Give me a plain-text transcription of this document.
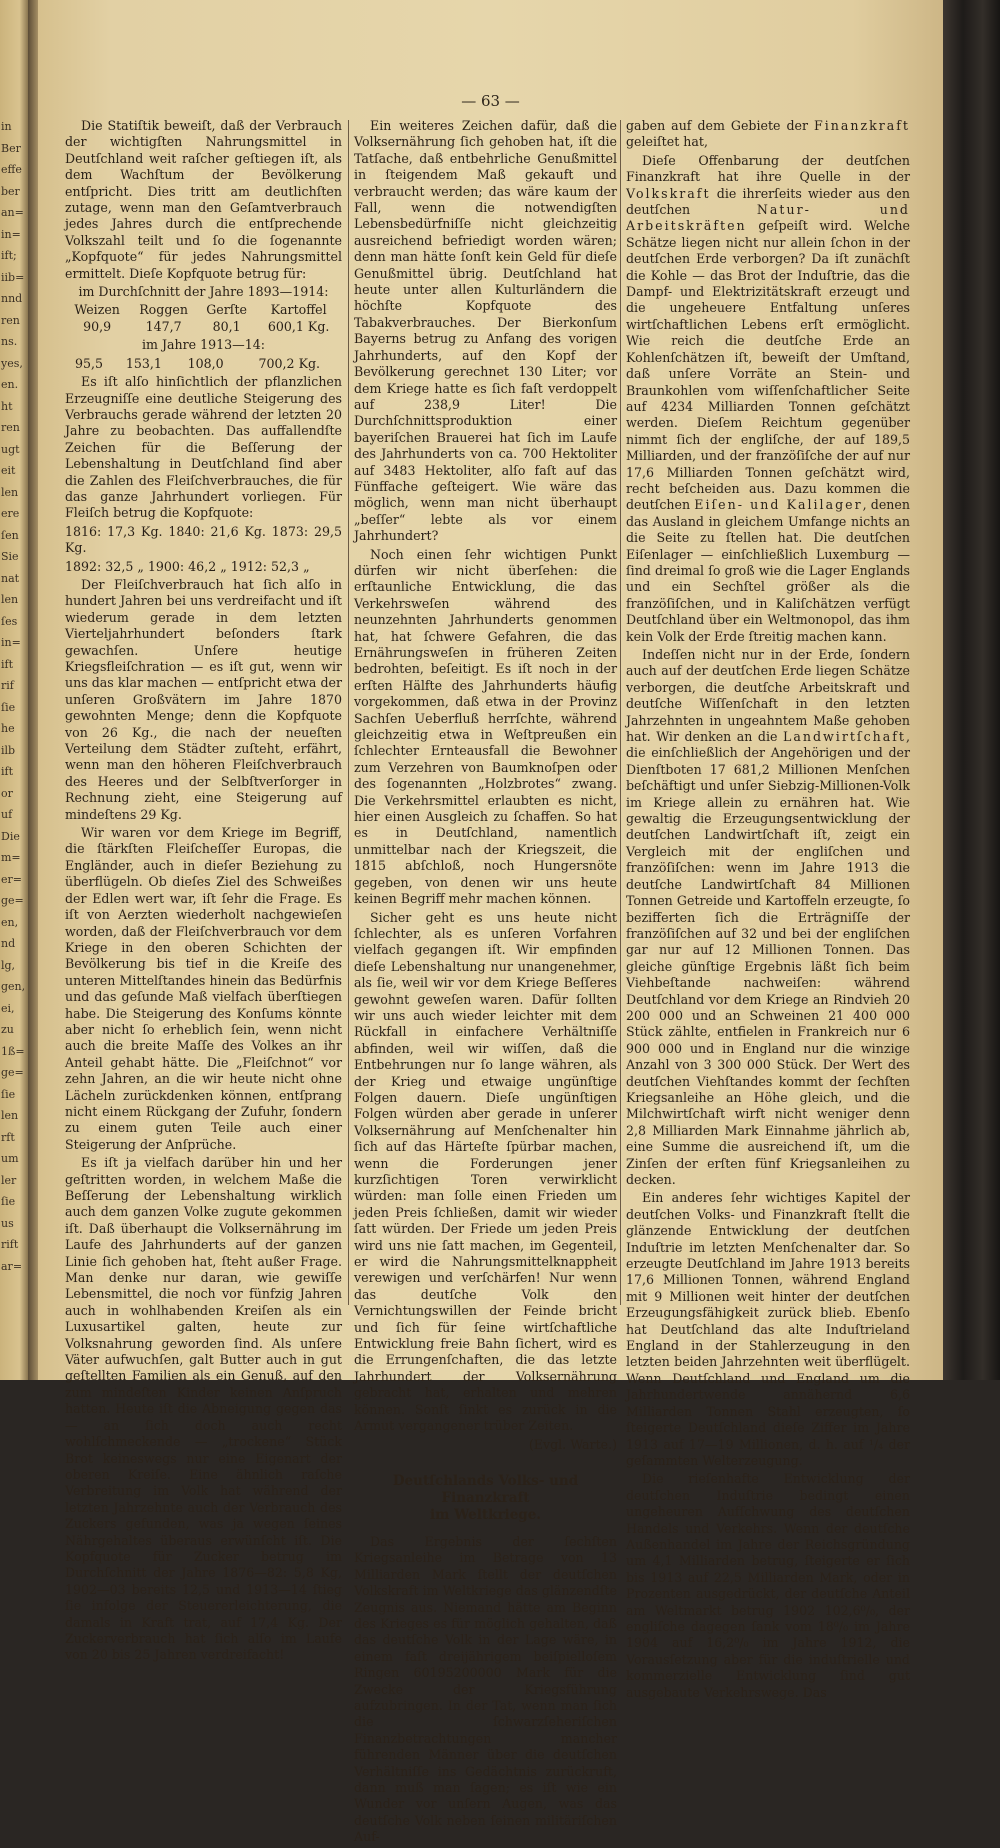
in
Ber
effe
ber
an=
in=
ift;
iib=
nnd
ren
ns.
yes,
en.
ht
ren
ugt
eit
len
ere
ſen
Sie
nat
len
ſes
in=
ift
rif
ſie
he
ilb
ift
or
uf
Die
m=
er=
ge=
en,
nd
lg,
gen,
ei,
zu
1ß=
ge=
ſie
len
rft
um
ler
ſie
us
rift
ar=
— 63 —

Die Statiſtik beweiſt, daß der Verbrauch der wichtigſten Nahrungsmittel in Deutſchland weit raſcher geſtiegen iſt, als dem Wachſtum der Bevölkerung entſpricht. Dies tritt am deutlichſten zutage, wenn man den Geſamtverbrauch jedes Jahres durch die entſprechende Volkszahl teilt und ſo die ſogenannte „Kopfquote“ für jedes Nahrungsmittel ermittelt. Dieſe Kopfquote betrug für:

im Durchſchnitt der Jahre 1893—1914:

Weizen	Roggen	Gerſte	Kartoffel
90,9	147,7	80,1	600,1 Kg.

im Jahre 1913—14:

95,5	153,1	108,0	700,2 Kg.

Es iſt alſo hinſichtlich der pflanzlichen Erzeugniſſe eine deutliche Steigerung des Verbrauchs gerade während der letzten 20 Jahre zu beobachten. Das auffallendſte Zeichen für die Beſſerung der Lebenshaltung in Deutſchland ſind aber die Zahlen des Fleiſchverbrauches, die für das ganze Jahrhundert vorliegen. Für Fleiſch betrug die Kopfquote:

1816: 17,3 Kg. 1840: 21,6 Kg. 1873: 29,5 Kg.

1892: 32,5 „ 1900: 46,2 „ 1912: 52,3 „

Der Fleiſchverbrauch hat ſich alſo in hundert Jahren bei uns verdreifacht und iſt wiederum gerade in dem letzten Vierteljahrhundert beſonders ſtark gewachſen. Unſere heutige Kriegsfleiſchration — es iſt gut, wenn wir uns das klar machen — entſpricht etwa der unſeren Großvätern im Jahre 1870 gewohnten Menge; denn die Kopfquote von 26 Kg., die nach der neueſten Verteilung dem Städter zuſteht, erfährt, wenn man den höheren Fleiſchverbrauch des Heeres und der Selbſtverſorger in Rechnung zieht, eine Steigerung auf mindeſtens 29 Kg.

Wir waren vor dem Kriege im Begriff, die ſtärkſten Fleiſcheſſer Europas, die Engländer, auch in dieſer Beziehung zu überflügeln. Ob dieſes Ziel des Schweißes der Edlen wert war, iſt ſehr die Frage. Es iſt von Aerzten wiederholt nachgewieſen worden, daß der Fleiſchverbrauch vor dem Kriege in den oberen Schichten der Bevölkerung bis tief in die Kreiſe des unteren Mittelſtandes hinein das Bedürfnis und das geſunde Maß vielfach überſtiegen habe. Die Steigerung des Konſums könnte aber nicht ſo erheblich ſein, wenn nicht auch die breite Maſſe des Volkes an ihr Anteil gehabt hätte. Die „Fleiſchnot“ vor zehn Jahren, an die wir heute nicht ohne Lächeln zurückdenken können, entſprang nicht einem Rückgang der Zufuhr, ſondern zu einem guten Teile auch einer Steigerung der Anſprüche.

Es iſt ja vielfach darüber hin und her geſtritten worden, in welchem Maße die Beſſerung der Lebenshaltung wirklich auch dem ganzen Volke zugute gekommen iſt. Daß überhaupt die Volksernährung im Laufe des Jahrhunderts auf der ganzen Linie ſich gehoben hat, ſteht außer Frage. Man denke nur daran, wie gewiſſe Lebensmittel, die noch vor fünfzig Jahren auch in wohlhabenden Kreiſen als ein Luxusartikel galten, heute zur Volksnahrung geworden ſind. Als unſere Väter aufwuchſen, galt Butter auch in gut geſtellten Familien als ein Genuß, auf den zum mindeſten Kinder keinen Anſpruch hatten. Heute iſt die Abneigung gegen das — an ſich doch auch recht wohlſchmeckende — „trockene“ Stück Brot keineswegs nur eine Eigenart der oberen Kreiſe. Eine ähnlich raſche Verbreitung im Volk hat während der letzten Jahrzehnte auch der Verbrauch des Zuckers gefunden, was ja wegen ſeines Nährgehaltes überaus erwünſcht iſt. Die Kopfquote für Zucker betrug im Durchſchnitt der Jahre 1876—82: 5,8 Kg, 1902—03 bereits 12,5 und 1913—14 ſtieg ſie infolge der Steuererleichterung, die damals in Kraft trat, auf 17,4 Kg. Der Zuckerverbrauch hat ſich alſo im Laufe von 20 bis 25 Jahren verdreifacht!

Ein weiteres Zeichen dafür, daß die Volksernährung ſich gehoben hat, iſt die Tatſache, daß entbehrliche Genußmittel in ſteigendem Maß gekauft und verbraucht werden; das wäre kaum der Fall, wenn die notwendigſten Lebensbedürfniſſe nicht gleichzeitig ausreichend befriedigt worden wären; denn man hätte ſonſt kein Geld für dieſe Genußmittel übrig. Deutſchland hat heute unter allen Kulturländern die höchſte Kopfquote des Tabakverbrauches. Der Bierkonſum Bayerns betrug zu Anfang des vorigen Jahrhunderts, auf den Kopf der Bevölkerung gerechnet 130 Liter; vor dem Kriege hatte es ſich faſt verdoppelt auf 238,9 Liter! Die Durchſchnittsproduktion einer bayeriſchen Brauerei hat ſich im Laufe des Jahrhunderts von ca. 700 Hektoliter auf 3483 Hektoliter, alſo faſt auf das Fünffache geſteigert. Wie wäre das möglich, wenn man nicht überhaupt „beſſer“ lebte als vor einem Jahrhundert?

Noch einen ſehr wichtigen Punkt dürfen wir nicht überſehen: die erſtaunliche Entwicklung, die das Verkehrsweſen während des neunzehnten Jahrhunderts genommen hat, hat ſchwere Gefahren, die das Ernährungsweſen in früheren Zeiten bedrohten, beſeitigt. Es iſt noch in der erſten Hälfte des Jahrhunderts häufig vorgekommen, daß etwa in der Provinz Sachſen Ueberfluß herrſchte, während gleichzeitig etwa in Weſtpreußen ein ſchlechter Ernteausfall die Bewohner zum Verzehren von Baumknoſpen oder des ſogenannten „Holzbrotes“ zwang. Die Verkehrsmittel erlaubten es nicht, hier einen Ausgleich zu ſchaffen. So hat es in Deutſchland, namentlich unmittelbar nach der Kriegszeit, die 1815 abſchloß, noch Hungersnöte gegeben, von denen wir uns heute keinen Begriff mehr machen können.

Sicher geht es uns heute nicht ſchlechter, als es unſeren Vorfahren vielfach gegangen iſt. Wir empfinden dieſe Lebenshaltung nur unangenehmer, als ſie, weil wir vor dem Kriege Beſſeres gewohnt geweſen waren. Dafür ſollten wir uns auch wieder leichter mit dem Rückfall in einfachere Verhältniſſe abfinden, weil wir wiſſen, daß die Entbehrungen nur ſo lange währen, als der Krieg und etwaige ungünſtige Folgen dauern. Dieſe ungünſtigen Folgen würden aber gerade in unſerer Volksernährung auf Menſchenalter hin ſich auf das Härteſte ſpürbar machen, wenn die Forderungen jener kurzſichtigen Toren verwirklicht würden: man ſolle einen Frieden um jeden Preis ſchließen, damit wir wieder ſatt würden. Der Friede um jeden Preis wird uns nie ſatt machen, im Gegenteil, er wird die Nahrungsmittelknappheit verewigen und verſchärfen! Nur wenn das deutſche Volk den Vernichtungswillen der Feinde bricht und ſich für ſeine wirtſchaftliche Entwicklung freie Bahn ſichert, wird es die Errungenſchaften, die das letzte Jahrhundert der Volksernährung gebracht hat, erhalten und mehren können. Sonſt ſinkt es zurück in die Armut vergangener trüber Zeiten.

(Evgl. Warte.)

Deutſchlands Volks- und Finanzkraft
im Weltkriege.

Das Ergebnis der ſechſten Kriegsanleihe im Betrage von 13 Milliarden Mark ſtellt der deutſchen Volkskraft im Weltkriege das glänzendſte Zeugnis aus. Niemand hätte am Beginn des Krieges es für möglich gehalten, daß das deutſche Volk in der Lage wäre, in einem faſt dreijährigem beiſpielloſem Ringen 60195200000 Mark für die Zwecke der Kriegsführung aufzubringen. In der Tat, wenn man ſich die ſchwarzſeheriſchen Finanzbetrachtungen mancher führenden Männer über die deutſchen Verhältniſſe ins Gedächtnis zurückruft, dann muß man ſagen; es iſt wie ein Wunder vor unſern Augen, was das deutſche Volk neben ſeinen militäriſchen Auf-

gaben auf dem Gebiete der Finanzkraft geleiſtet hat,

Dieſe Offenbarung der deutſchen Finanzkraft hat ihre Quelle in der Volkskraft die ihrerſeits wieder aus den deutſchen	Natur- und Arbeitskräften geſpeiſt wird. Welche Schätze liegen nicht nur allein ſchon in der deutſchen Erde verborgen? Da iſt zunächſt die Kohle — das Brot der Induſtrie, das die Dampf- und Elektrizitätskraft erzeugt und die ungeheuere Entfaltung unſeres wirtſchaftlichen Lebens erſt ermöglicht. Wie reich die deutſche Erde an Kohlenſchätzen iſt, beweiſt der Umſtand, daß unſere Vorräte an Stein- und Braunkohlen vom wiſſenſchaftlicher Seite auf 4234 Milliarden Tonnen geſchätzt werden. Dieſem Reichtum gegenüber nimmt ſich der engliſche, der auf 189,5 Milliarden, und der franzöſiſche der auf nur 17,6 Milliarden Tonnen geſchätzt wird, recht beſcheiden aus. Dazu kommen die deutſchen Eiſen- und Kalilager, denen das Ausland in gleichem Umfange nichts an die Seite zu ſtellen hat. Die deutſchen Eiſenlager — einſchließlich Luxemburg — ſind dreimal ſo groß wie die Lager Englands und ein Sechſtel größer als die franzöſiſchen, und in Kaliſchätzen verfügt Deutſchland über ein Weltmonopol, das ihm kein Volk der Erde ſtreitig machen kann.

Indeſſen nicht nur in der Erde, ſondern auch auf der deutſchen Erde liegen Schätze verborgen, die deutſche Arbeitskraft und deutſche Wiſſenſchaft in den letzten Jahrzehnten in ungeahntem Maße gehoben hat. Wir denken an die Landwirtſchaft, die einſchließlich der Angehörigen und der Dienſtboten 17 681,2 Millionen Menſchen beſchäftigt und unſer Siebzig-Millionen-Volk im Kriege allein zu ernähren hat. Wie gewaltig die Erzeugungsentwicklung der deutſchen Landwirtſchaft iſt, zeigt ein Vergleich mit der engliſchen und franzöſiſchen: wenn im Jahre 1913 die deutſche Landwirtſchaft 84 Millionen Tonnen Getreide und Kartoffeln erzeugte, ſo bezifferten ſich die Erträgniſſe der franzöſiſchen auf 32 und bei der engliſchen gar nur auf 12 Millionen Tonnen. Das gleiche günſtige Ergebnis läßt ſich beim Viehbeſtande nachweiſen: während Deutſchland vor dem Kriege an Rindvieh 20 200 000 und an Schweinen 21 400 000 Stück zählte, entfielen in Frankreich nur 6 900 000 und in England nur die winzige Anzahl von 3 300 000 Stück. Der Wert des deutſchen Viehſtandes kommt der ſechſten Kriegsanleihe an Höhe gleich, und die Milchwirtſchaft wirft nicht weniger denn 2,8 Milliarden Mark Einnahme jährlich ab, eine Summe die ausreichend iſt, um die Zinſen der erſten fünf Kriegsanleihen zu decken.

Ein anderes ſehr wichtiges Kapitel der deutſchen Volks- und Finanzkraft ſtellt die glänzende Entwicklung der deutſchen Induſtrie im letzten Menſchenalter dar. So erzeugte Deutſchland im Jahre 1913 bereits 17,6 Millionen Tonnen, während England mit 9 Millionen weit hinter der deutſchen Erzeugungsfähigkeit zurück blieb. Ebenſo hat Deutſchland das alte Induſtrieland England in der Stahlerzeugung in den letzten beiden Jahrzehnten weit überflügelt. Wenn Deutſchland und England um die Jahrhundertwende annähernd 6,6 Milliarden Tonnen Stahl erzeugten, ſo ſteigerte Deutſchland dieſe Ziffer im Jahre 1913 auf 17—19 Millionen, d. h. auf ¹/₄ der geſammten Welterzeugung.

Die rieſenhafte Entwicklung der deutſchen Induſtrie bedingt einen ungeheuren Aufſchwung des deutſchen Handels und Verkehrs. Wenn der deutſche Außenhandel im Jahre der Reichsgründung um 4,1 Milliarden betrug, ſteigerte er ſich bis 1913 auf 22,5 Milliarden Mark, oder in Prozenten ausgedrückt, der deutſche Anteil am Weltmarkt betrug 1902 102,6⁰/₀, der engliſche dagegen ſank vom 18⁰/₀ im Jahre 1904 auf 16,2⁰/₀ im Jahre 1912, die Vorausſetzung aber für die induſtrielle und kommerzielle Entwicklung ſind gut ausgebaute Verkehrswege. Das
